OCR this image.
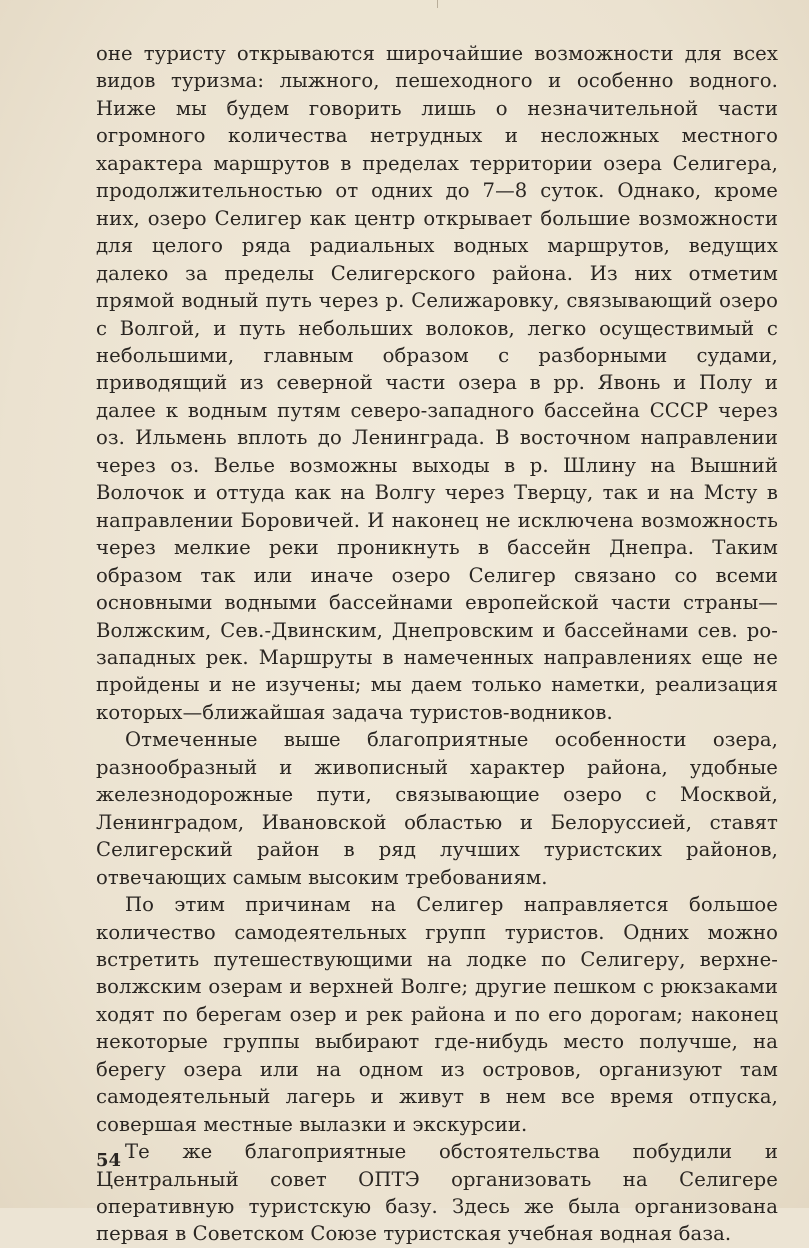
оне туристу открываются широчайшие возможности для всех видов туризма: лыжного, пешеходного и особенно водного. Ниже мы будем говорить лишь о незначительной части огромного количества нетрудных и несложных местного характера маршрутов в пределах территории озера Селигера, продолжительностью от одних до 7—8 суток. Однако, кроме них, озеро Селигер как центр открывает большие возможности для целого ряда радиальных водных маршрутов, ведущих далеко за пределы Селигерского района. Из них отметим прямой водный путь через р. Селижаровку, связывающий озеро с Волгой, и путь небольших волоков, легко осуществимый с небольшими, главным образом с разборными судами, приводящий из северной части озера в рр. Явонь и Полу и далее к водным путям северо-западного бассейна СССР через оз. Ильмень вплоть до Ленинграда. В восточном направлении через оз. Велье возможны выходы в р. Шлину на Вышний Волочок и оттуда как на Волгу через Тверцу, так и на Мсту в направлении Боровичей. И наконец не исключена возможность через мелкие реки проникнуть в бассейн Днепра. Таким образом так или иначе озеро Селигер связано со всеми основными водными бассейнами европейской части страны—Волжским, Сев.-Двинским, Днепровским и бассейнами сев. ро-западных рек. Маршруты в намеченных направлениях еще не пройдены и не изучены; мы даем только наметки, реализация которых—ближайшая задача туристов-водников.

Отмеченные выше благоприятные особенности озера, разнообразный и живописный характер района, удобные железнодорожные пути, связывающие озеро с Москвой, Ленинградом, Ивановской областью и Белоруссией, ставят Селигерский район в ряд лучших туристских районов, отвечающих самым высоким требованиям.

По этим причинам на Селигер направляется большое количество самодеятельных групп туристов. Одних можно встретить путешествующими на лодке по Селигеру, верхне-волжским озерам и верхней Волге; другие пешком с рюкзаками ходят по берегам озер и рек района и по его дорогам; наконец некоторые группы выбирают где-нибудь место получше, на берегу озера или на одном из островов, организуют там самодеятельный лагерь и живут в нем все время отпуска, совершая местные вылазки и экскурсии.

Те же благоприятные обстоятельства побудили и Центральный совет ОПТЭ организовать на Селигере оперативную туристскую базу. Здесь же была организована первая в Советском Союзе туристская учебная водная база.

54
